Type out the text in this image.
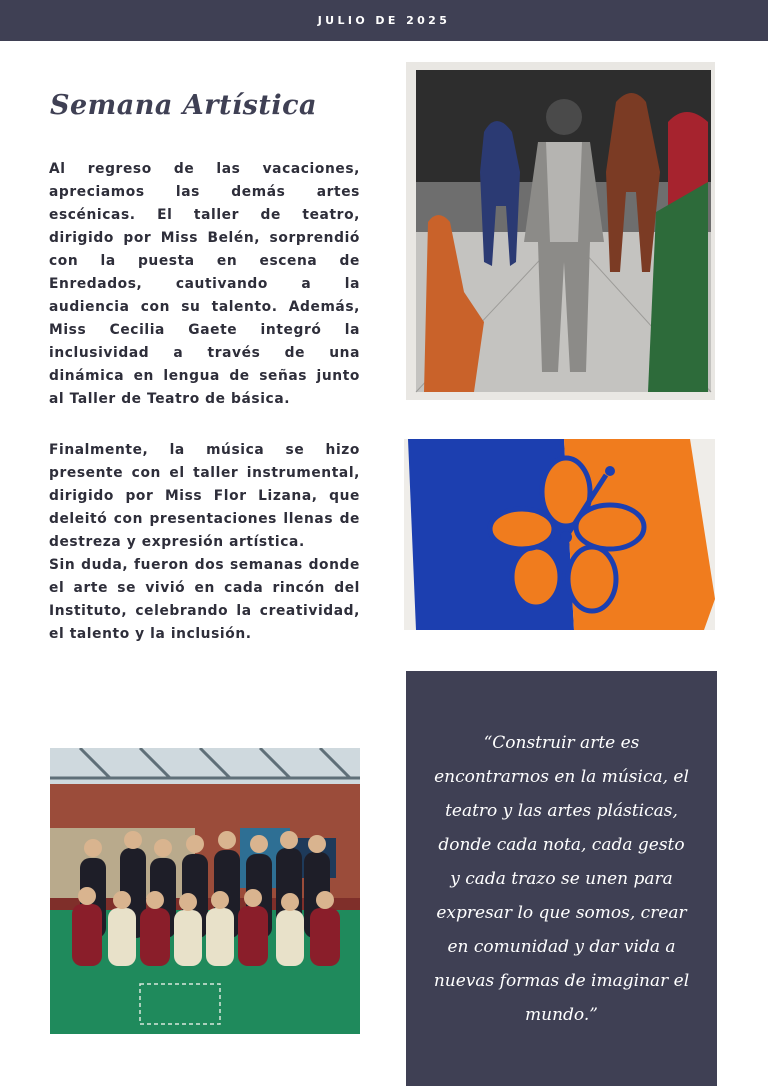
JULIO DE 2025
Semana Artística

Al regreso de las vacaciones, apreciamos las demás artes escénicas. El taller de teatro, dirigido por Miss Belén, sorprendió con la puesta en escena de Enredados, cautivando a la audiencia con su talento. Además, Miss Cecilia Gaete integró la inclusividad a través de una dinámica en lengua de señas junto al Taller de Teatro de básica.

Finalmente, la música se hizo presente con el taller instrumental, dirigido por Miss Flor Lizana, que deleitó con presentaciones llenas de destreza y expresión artística.

Sin duda, fueron dos semanas donde el arte se vivió en cada rincón del Instituto, celebrando la creatividad, el talento y la inclusión.

“Construir arte es encontrarnos en la música, el teatro y las artes plásticas, donde cada nota, cada gesto y cada trazo se unen para expresar lo que somos, crear en comunidad y dar vida a nuevas formas de imaginar el mundo.”
